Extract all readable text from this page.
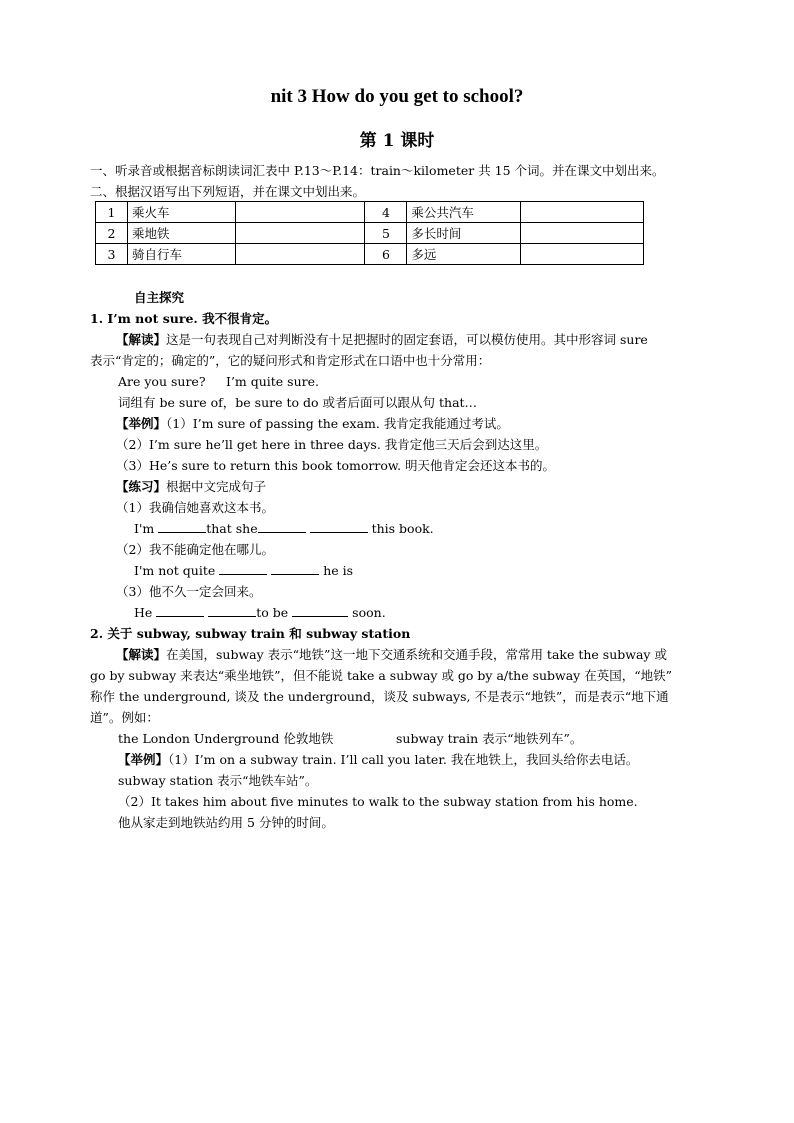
nit 3 How do you get to school?
第 1 课时
一、听录音或根据音标朗读词汇表中 P.13～P.14：train～kilometer 共 15 个词。并在课文中划出来。
二、根据汉语写出下列短语，并在课文中划出来。
1	乘火车		4	乘公共汽车	
2	乘地铁		5	多长时间	
3	骑自行车		6	多远	
自主探究
1. I’m not sure. 我不很肯定。
【解读】这是一句表现自己对判断没有十足把握时的固定套语，可以模仿使用。其中形容词 sure
表示“肯定的；确定的”，它的疑问形式和肯定形式在口语中也十分常用：
Are you sure? I’m quite sure.
词组有 be sure of，be sure to do 或者后面可以跟从句 that…
【举例】（1）I’m sure of passing the exam. 我肯定我能通过考试。
（2）I’m sure he’ll get here in three days. 我肯定他三天后会到达这里。
（3）He’s sure to return this book tomorrow. 明天他肯定会还这本书的。
【练习】根据中文完成句子
（1）我确信她喜欢这本书。
I'm	that she	this book.
（2）我不能确定他在哪儿。
I'm not quite	he is
（3）他不久一定会回来。
He	to be	soon.
2. 关于 subway, subway train 和 subway station
【解读】在美国，subway 表示“地铁”这一地下交通系统和交通手段，常常用 take the subway 或
go by subway 来表达“乘坐地铁”，但不能说 take a subway 或 go by a/the subway 在英国，“地铁”
称作 the underground, 谈及 the underground，谈及 subways, 不是表示“地铁”，而是表示“地下通
道”。例如：
the London Underground 伦敦地铁	subway train 表示“地铁列车”。
【举例】（1）I’m on a subway train. I’ll call you later. 我在地铁上，我回头给你去电话。
subway station 表示“地铁车站”。
（2）It takes him about five minutes to walk to the subway station from his home.
他从家走到地铁站约用 5 分钟的时间。
